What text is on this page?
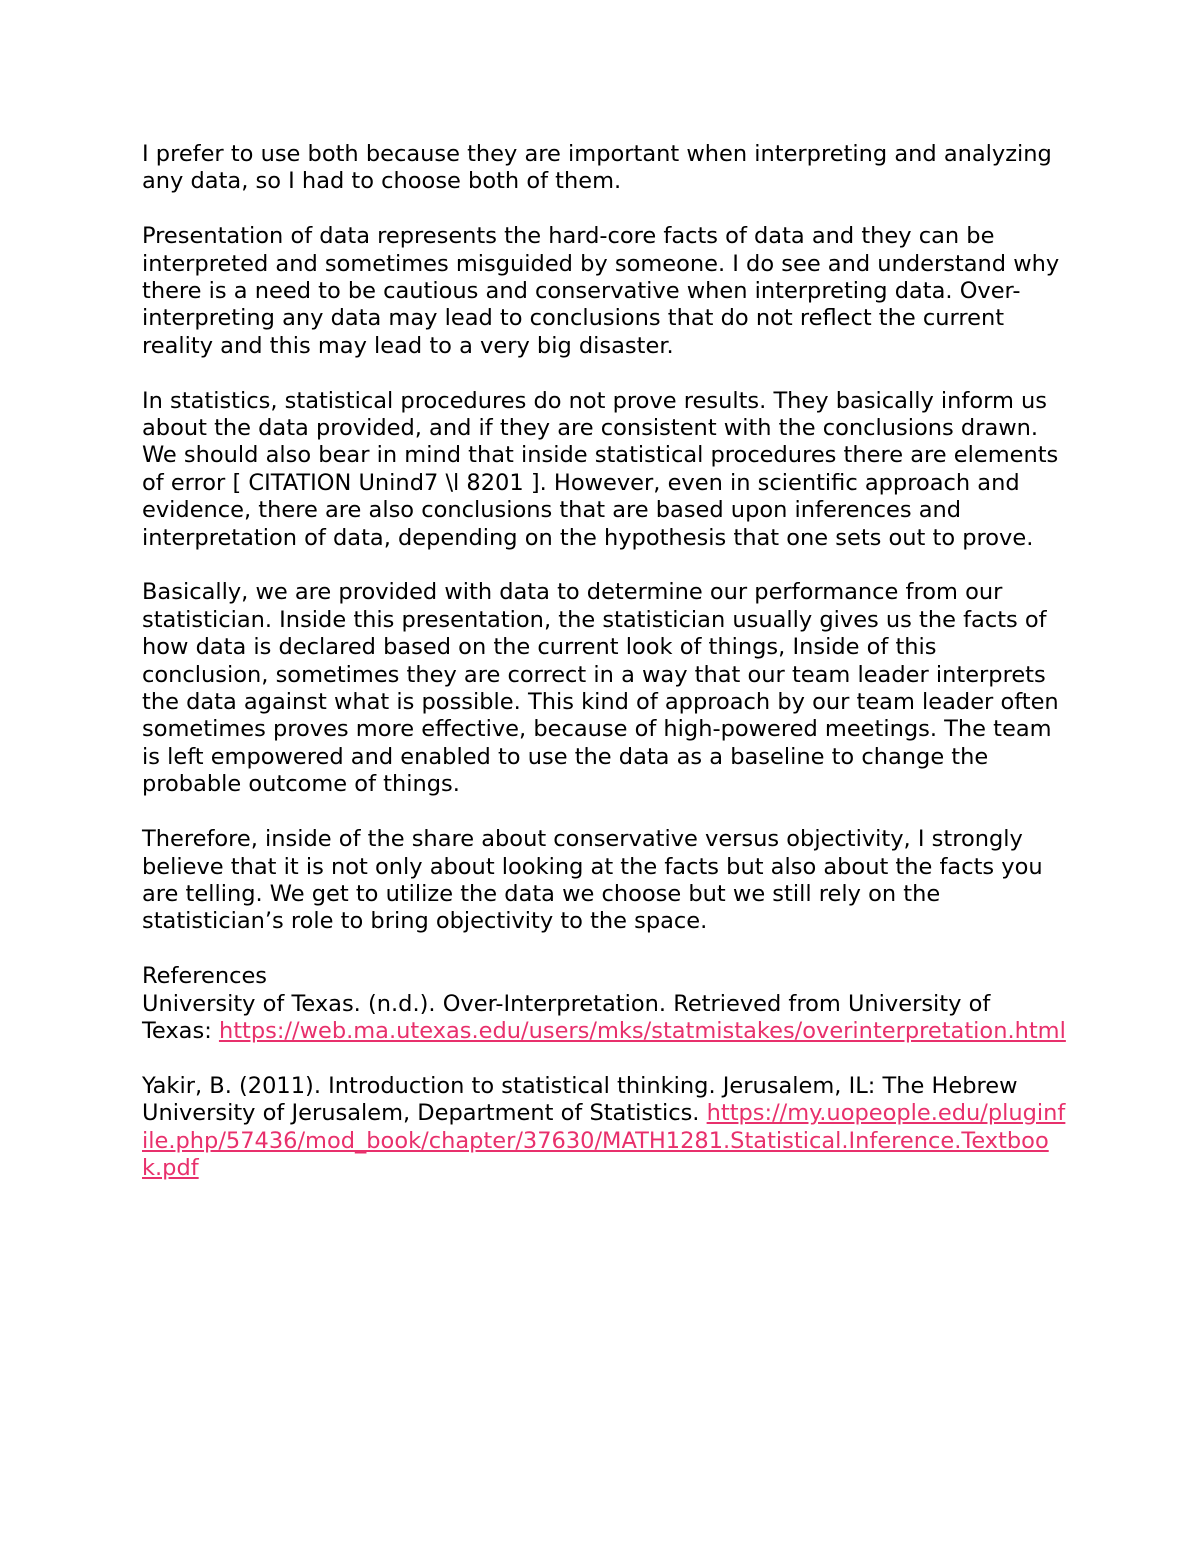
I prefer to use both because they are important when interpreting and analyzing any data, so I had to choose both of them.

Presentation of data represents the hard-core facts of data and they can be interpreted and sometimes misguided by someone. I do see and understand why there is a need to be cautious and conservative when interpreting data. Over-interpreting any data may lead to conclusions that do not reflect the current reality and this may lead to a very big disaster.

In statistics, statistical procedures do not prove results. They basically inform us about the data provided, and if they are consistent with the conclusions drawn. We should also bear in mind that inside statistical procedures there are elements of error [ CITATION Unind7 \l 8201 ]. However, even in scientific approach and evidence, there are also conclusions that are based upon inferences and interpretation of data, depending on the hypothesis that one sets out to prove.

Basically, we are provided with data to determine our performance from our statistician. Inside this presentation, the statistician usually gives us the facts of how data is declared based on the current look of things, Inside of this conclusion, sometimes they are correct in a way that our team leader interprets the data against what is possible. This kind of approach by our team leader often sometimes proves more effective, because of high-powered meetings. The team is left empowered and enabled to use the data as a baseline to change the probable outcome of things.

Therefore, inside of the share about conservative versus objectivity, I strongly believe that it is not only about looking at the facts but also about the facts you are telling. We get to utilize the data we choose but we still rely on the statistician’s role to bring objectivity to the space.

References

University of Texas. (n.d.). Over-Interpretation. Retrieved from University of Texas: https://web.ma.utexas.edu/users/mks/statmistakes/overinterpretation.html

Yakir, B. (2011). Introduction to statistical thinking. Jerusalem, IL: The Hebrew University of Jerusalem, Department of Statistics. https://my.uopeople.edu/pluginfile.php/57436/mod_book/chapter/37630/MATH1281.Statistical.Inference.Textbook.pdf
